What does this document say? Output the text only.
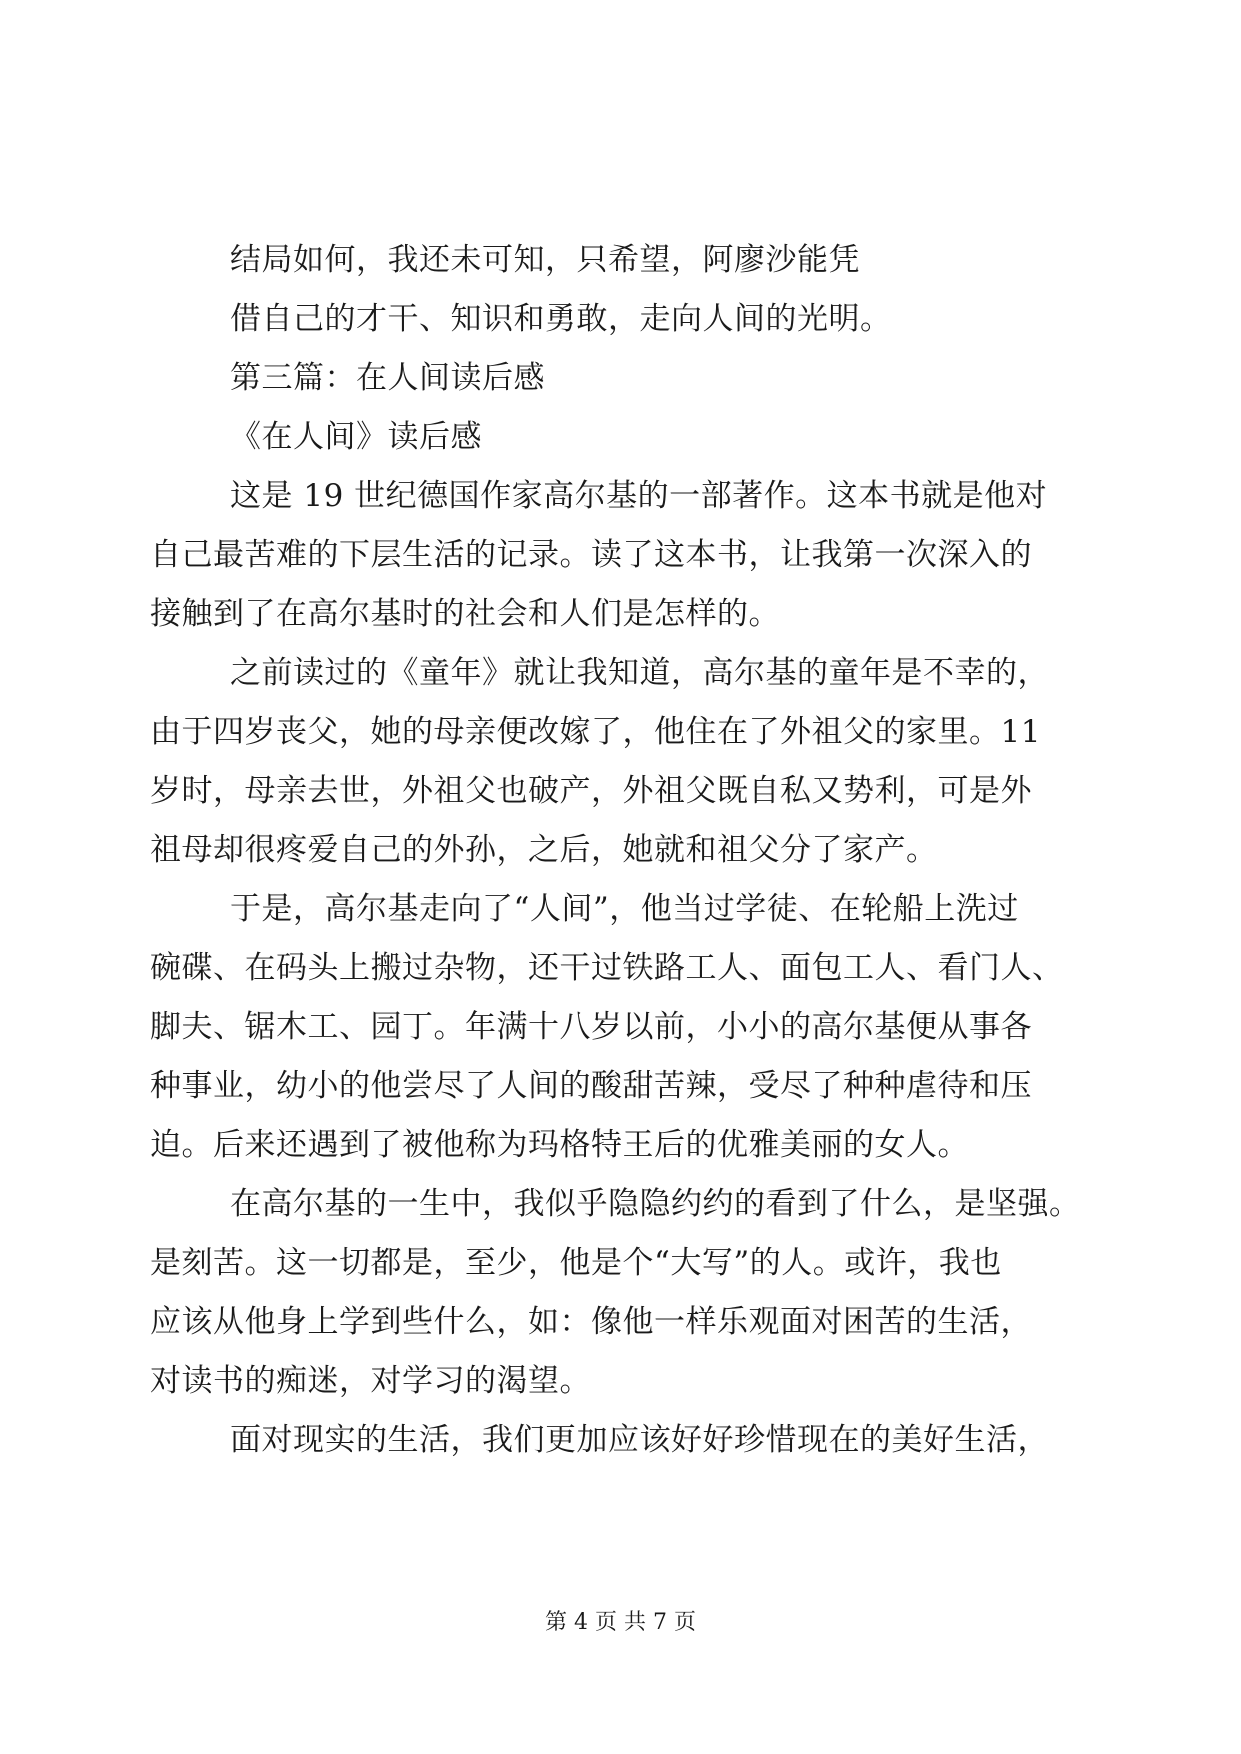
结局如何，我还未可知，只希望，阿廖沙能凭
借自己的才干、知识和勇敢，走向人间的光明。
第三篇：在人间读后感
《在人间》读后感
这是 19 世纪德国作家高尔基的一部著作。这本书就是他对
自己最苦难的下层生活的记录。读了这本书，让我第一次深入的
接触到了在高尔基时的社会和人们是怎样的。
之前读过的《童年》就让我知道，高尔基的童年是不幸的，
由于四岁丧父，她的母亲便改嫁了，他住在了外祖父的家里。11
岁时，母亲去世，外祖父也破产，外祖父既自私又势利，可是外
祖母却很疼爱自己的外孙，之后，她就和祖父分了家产。
于是，高尔基走向了“人间”，他当过学徒、在轮船上洗过
碗碟、在码头上搬过杂物，还干过铁路工人、面包工人、看门人、
脚夫、锯木工、园丁。年满十八岁以前，小小的高尔基便从事各
种事业，幼小的他尝尽了人间的酸甜苦辣，受尽了种种虐待和压
迫。后来还遇到了被他称为玛格特王后的优雅美丽的女人。
在高尔基的一生中，我似乎隐隐约约的看到了什么，是坚强。
是刻苦。这一切都是，至少，他是个“大写”的人。或许，我也
应该从他身上学到些什么，如：像他一样乐观面对困苦的生活，
对读书的痴迷，对学习的渴望。
面对现实的生活，我们更加应该好好珍惜现在的美好生活，
第 4 页 共 7 页
